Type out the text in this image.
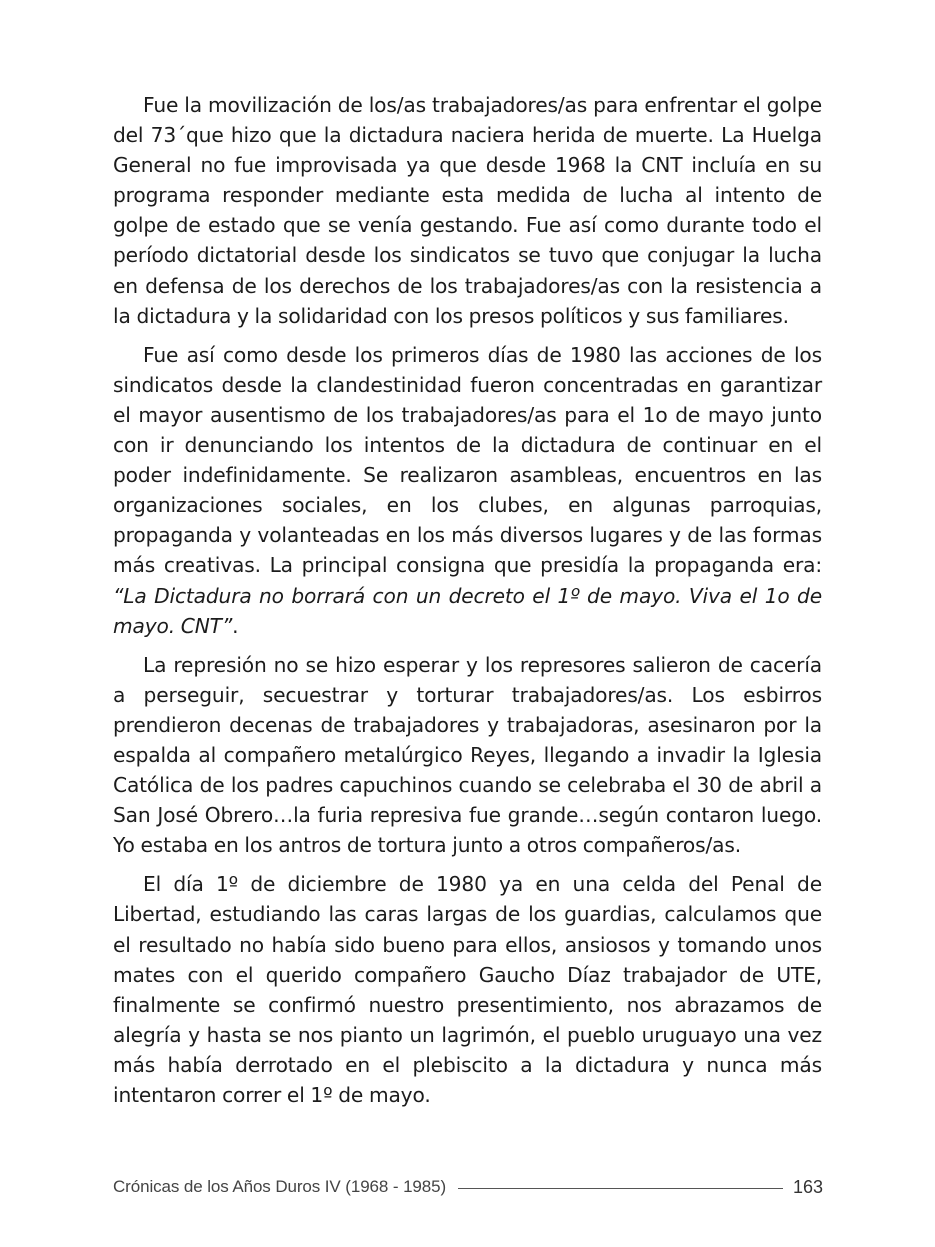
Fue la movilización de los/as trabajadores/as para enfrentar el golpe del 73´que hizo que la dictadura naciera herida de muerte. La Huelga General no fue improvisada ya que desde 1968 la CNT incluía en su programa responder mediante esta medida de lucha al intento de golpe de estado que se venía gestando. Fue así como durante todo el período dictatorial desde los sindicatos se tuvo que conjugar la lucha en defensa de los derechos de los trabajadores/as con la resistencia a la dictadura y la solidaridad con los presos políticos y sus familiares.

Fue así como desde los primeros días de 1980 las acciones de los sindicatos desde la clandestinidad fueron concentradas en garantizar el mayor ausentismo de los trabajadores/as para el 1o de mayo junto con ir denunciando los intentos de la dictadura de continuar en el poder indefinidamente. Se realizaron asambleas, encuentros en las organizaciones sociales, en los clubes, en algunas parroquias, propaganda y volanteadas en los más diversos lugares y de las formas más creativas. La principal consigna que presidía la propaganda era: “La Dictadura no borrará con un decreto el 1º de mayo. Viva el 1o de mayo. CNT”.

La represión no se hizo esperar y los represores salieron de cacería a perseguir, secuestrar y torturar trabajadores/as. Los esbirros prendieron decenas de trabajadores y trabajadoras, asesinaron por la espalda al compañero metalúrgico Reyes, llegando a invadir la Iglesia Católica de los padres capuchinos cuando se celebraba el 30 de abril a San José Obrero…la furia represiva fue grande…según contaron luego. Yo estaba en los antros de tortura junto a otros compañeros/as.

El día 1º de diciembre de 1980 ya en una celda del Penal de Libertad, estudiando las caras largas de los guardias, calculamos que el resultado no había sido bueno para ellos, ansiosos y tomando unos mates con el querido compañero Gaucho Díaz trabajador de UTE, finalmente se confirmó nuestro presentimiento, nos abrazamos de alegría y hasta se nos pianto un lagrimón, el pueblo uruguayo una vez más había derrotado en el plebiscito a la dictadura y nunca más intentaron correr el 1º de mayo.

Crónicas de los Años Duros IV (1968 - 1985)	163
